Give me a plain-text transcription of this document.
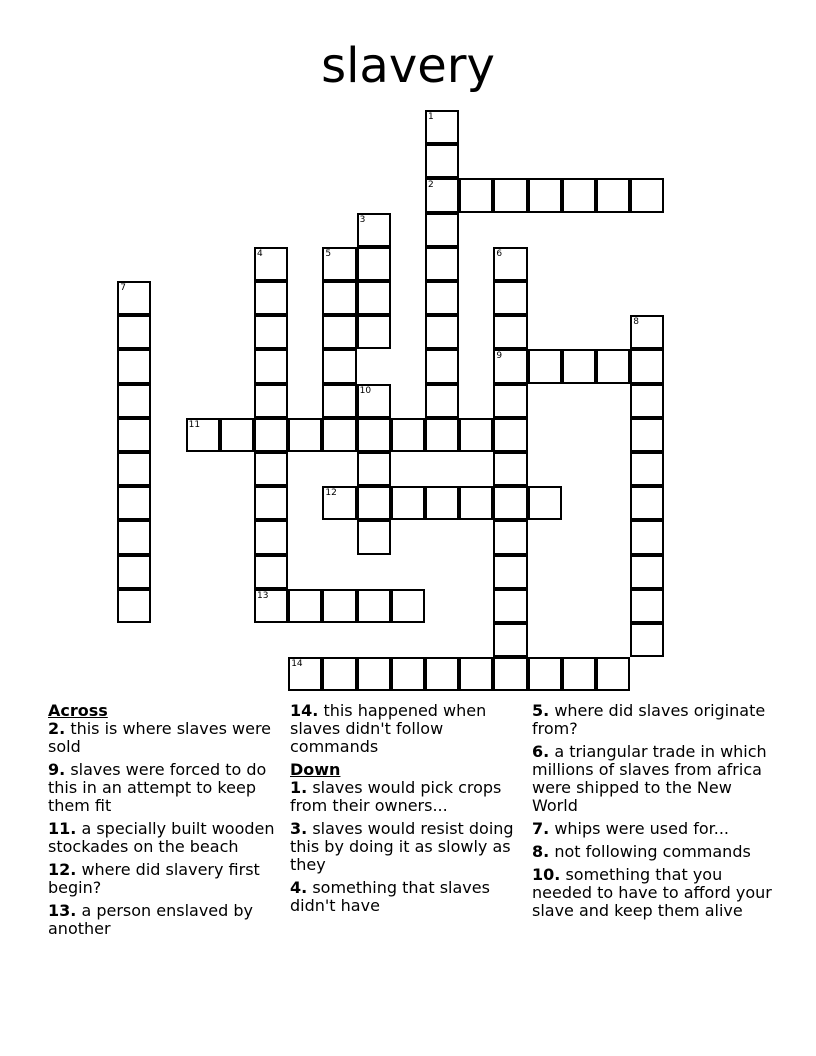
slavery
1
2
3
4	5	6
7
8
9
10
11
12
13
14

Across

2. this is where slaves were sold

9. slaves were forced to do this in an attempt to keep them fit

11. a specially built wooden stockades on the beach

12. where did slavery first begin?

13. a person enslaved by another

14. this happened when slaves didn't follow commands

Down

1. slaves would pick crops from their owners...

3. slaves would resist doing this by doing it as slowly as they

4. something that slaves didn't have

5. where did slaves originate from?

6. a triangular trade in which millions of slaves from africa were shipped to the New World

7. whips were used for...

8. not following commands

10. something that you needed to have to afford your slave and keep them alive
